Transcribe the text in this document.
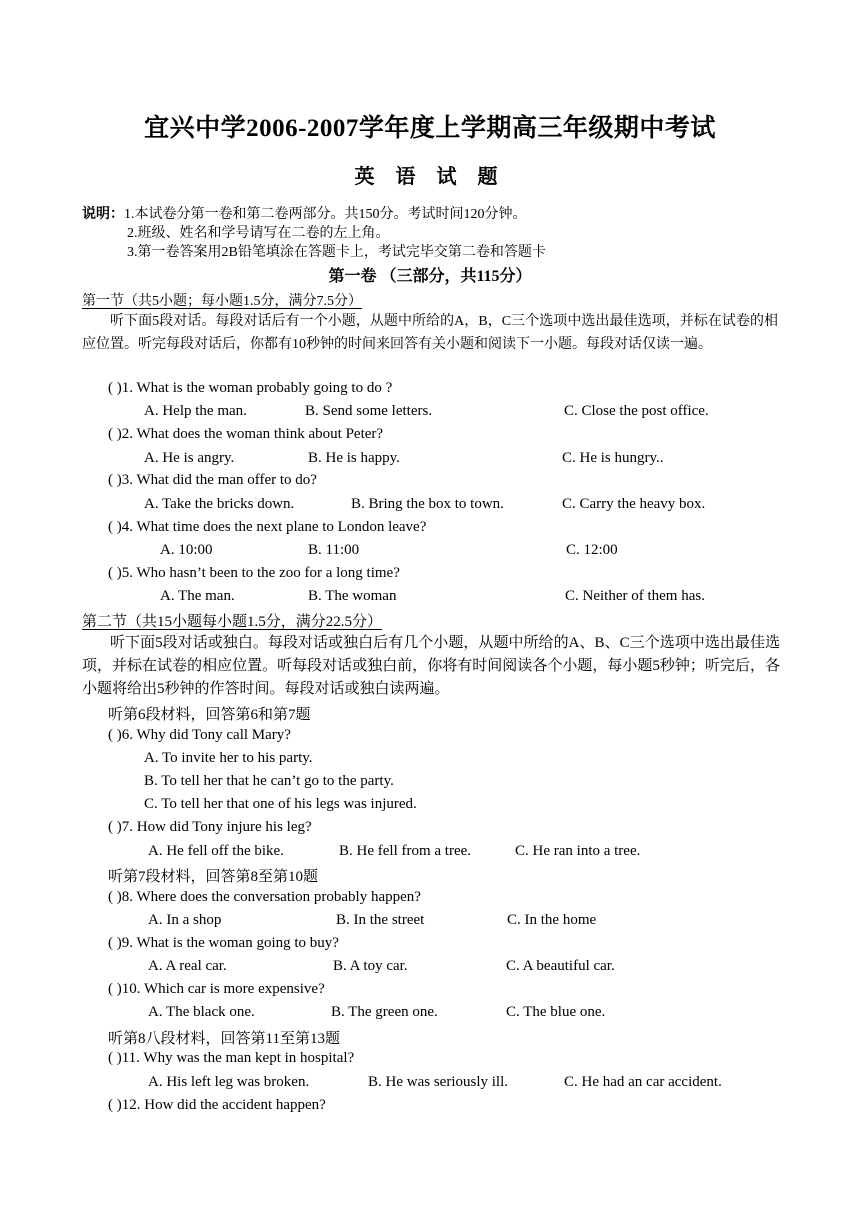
宜兴中学2006-2007学年度上学期高三年级期中考试
英 语 试 题
说明：1.本试卷分第一卷和第二卷两部分。共150分。考试时间120分钟。
2.班级、姓名和学号请写在二卷的左上角。
3.第一卷答案用2B铅笔填涂在答题卡上，考试完毕交第二卷和答题卡
第一卷 （三部分，共115分）
第一节（共5小题；每小题1.5分，满分7.5分）
听下面5段对话。每段对话后有一个小题，从题中所给的A，B，C三个选项中选出最佳选项，并标在试卷的相应位置。听完每段对话后，你都有10秒钟的时间来回答有关小题和阅读下一小题。每段对话仅读一遍。
( )1. What is the woman probably going to do ?
A. Help the man.	B. Send some letters.	C. Close the post office.
( )2. What does the woman think about Peter?
A. He is angry.	B. He is happy.	C. He is hungry..
( )3. What did the man offer to do?
A. Take the bricks down.	B. Bring the box to town.	C. Carry the heavy box.
( )4. What time does the next plane to London leave?
A. 10:00	B. 11:00	C. 12:00
( )5. Who hasn’t been to the zoo for a long time?
A. The man.	B. The woman	C. Neither of them has.
第二节（共15小题每小题1.5分，满分22.5分）
听下面5段对话或独白。每段对话或独白后有几个小题，从题中所给的A、B、C三个选项中选出最佳选项，并标在试卷的相应位置。听每段对话或独白前，你将有时间阅读各个小题，每小题5秒钟；听完后，各小题将给出5秒钟的作答时间。每段对话或独白读两遍。
听第6段材料，回答第6和第7题
( )6. Why did Tony call Mary?
A. To invite her to his party.
B. To tell her that he can’t go to the party.
C. To tell her that one of his legs was injured.
( )7. How did Tony injure his leg?
A. He fell off the bike.	B. He fell from a tree.	C. He ran into a tree.
听第7段材料，回答第8至第10题
( )8. Where does the conversation probably happen?
A. In a shop	B. In the street	C. In the home
( )9. What is the woman going to buy?
A. A real car.	B. A toy car.	C. A beautiful car.
( )10. Which car is more expensive?
A. The black one.	B. The green one.	C. The blue one.
听第8八段材料，回答第11至第13题
( )11. Why was the man kept in hospital?
A. His left leg was broken.	B. He was seriously ill.	C. He had an car accident.
( )12. How did the accident happen?
